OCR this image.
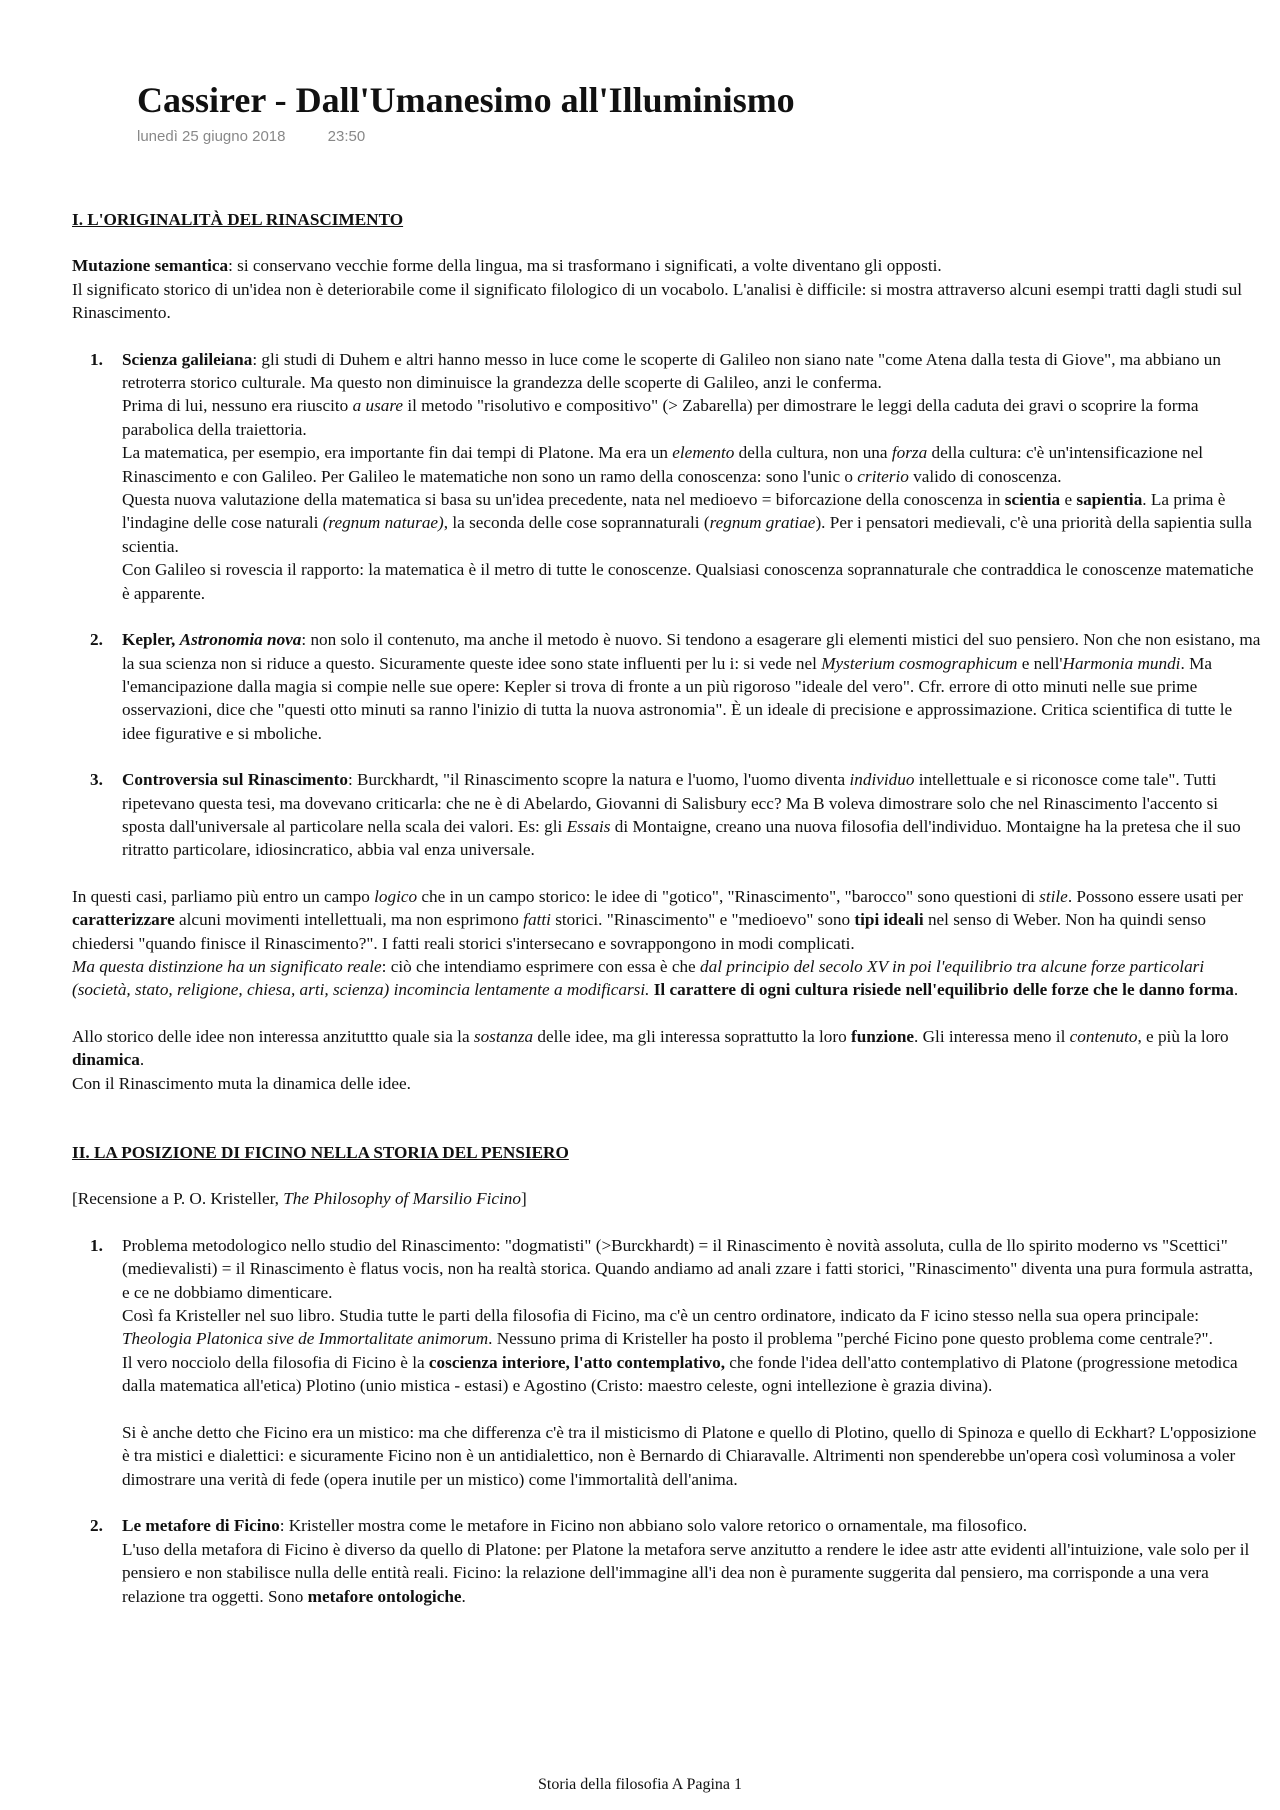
Cassirer - Dall'Umanesimo all'Illuminismo
lunedì 25 giugno 2018	23:50

I. L'ORIGINALITÀ DEL RINASCIMENTO

Mutazione semantica: si conservano vecchie forme della lingua, ma si trasformano i significati, a volte diventano gli opposti.

Il significato storico di un'idea non è deteriorabile come il significato filologico di un vocabolo. L'analisi è difficile: si mostra attraverso alcuni esempi tratti dagli studi sul Rinascimento.

1. Scienza galileiana: gli studi di Duhem e altri hanno messo in luce come le scoperte di Galileo non siano nate "come Atena dalla testa di Giove", ma abbiano un retroterra storico culturale. Ma questo non diminuisce la grandezza delle scoperte di Galileo, anzi le conferma.

Prima di lui, nessuno era riuscito a usare il metodo "risolutivo e compositivo" (> Zabarella) per dimostrare le leggi della caduta dei gravi o scoprire la forma parabolica della traiettoria.

La matematica, per esempio, era importante fin dai tempi di Platone. Ma era un elemento della cultura, non una forza della cultura: c'è un'intensificazione nel Rinascimento e con Galileo. Per Galileo le matematiche non sono un ramo della conoscenza: sono l'unic o criterio valido di conoscenza.

Questa nuova valutazione della matematica si basa su un'idea precedente, nata nel medioevo = biforcazione della conoscenza in scientia e sapientia. La prima è l'indagine delle cose naturali (regnum naturae), la seconda delle cose soprannaturali (regnum gratiae). Per i pensatori medievali, c'è una priorità della sapientia sulla scientia.

Con Galileo si rovescia il rapporto: la matematica è il metro di tutte le conoscenze. Qualsiasi conoscenza soprannaturale che contraddica le conoscenze matematiche è apparente.

2. Kepler, Astronomia nova: non solo il contenuto, ma anche il metodo è nuovo. Si tendono a esagerare gli elementi mistici del suo pensiero. Non che non esistano, ma la sua scienza non si riduce a questo. Sicuramente queste idee sono state influenti per lu i: si vede nel Mysterium cosmographicum e nell'Harmonia mundi. Ma l'emancipazione dalla magia si compie nelle sue opere: Kepler si trova di fronte a un più rigoroso "ideale del vero". Cfr. errore di otto minuti nelle sue prime osservazioni, dice che "questi otto minuti sa ranno l'inizio di tutta la nuova astronomia". È un ideale di precisione e approssimazione. Critica scientifica di tutte le idee figurative e si mboliche.

3. Controversia sul Rinascimento: Burckhardt, "il Rinascimento scopre la natura e l'uomo, l'uomo diventa individuo intellettuale e si riconosce come tale". Tutti ripetevano questa tesi, ma dovevano criticarla: che ne è di Abelardo, Giovanni di Salisbury ecc? Ma B voleva dimostrare solo che nel Rinascimento l'accento si sposta dall'universale al particolare nella scala dei valori. Es: gli Essais di Montaigne, creano una nuova filosofia dell'individuo. Montaigne ha la pretesa che il suo ritratto particolare, idiosincratico, abbia val enza universale.

In questi casi, parliamo più entro un campo logico che in un campo storico: le idee di "gotico", "Rinascimento", "barocco" sono questioni di stile. Possono essere usati per caratterizzare alcuni movimenti intellettuali, ma non esprimono fatti storici. "Rinascimento" e "medioevo" sono tipi ideali nel senso di Weber. Non ha quindi senso chiedersi "quando finisce il Rinascimento?". I fatti reali storici s'intersecano e sovrappongono in modi complicati.

Ma questa distinzione ha un significato reale: ciò che intendiamo esprimere con essa è che dal principio del secolo XV in poi l'equilibrio tra alcune forze particolari (società, stato, religione, chiesa, arti, scienza) incomincia lentamente a modificarsi. Il carattere di ogni cultura risiede nell'equilibrio delle forze che le danno forma.

Allo storico delle idee non interessa anzituttto quale sia la sostanza delle idee, ma gli interessa soprattutto la loro funzione. Gli interessa meno il contenuto, e più la loro dinamica.

Con il Rinascimento muta la dinamica delle idee.

II. LA POSIZIONE DI FICINO NELLA STORIA DEL PENSIERO

[Recensione a P. O. Kristeller, The Philosophy of Marsilio Ficino]

1. Problema metodologico nello studio del Rinascimento: "dogmatisti" (>Burckhardt) = il Rinascimento è novità assoluta, culla de llo spirito moderno vs "Scettici" (medievalisti) = il Rinascimento è flatus vocis, non ha realtà storica. Quando andiamo ad anali zzare i fatti storici, "Rinascimento" diventa una pura formula astratta, e ce ne dobbiamo dimenticare.

Così fa Kristeller nel suo libro. Studia tutte le parti della filosofia di Ficino, ma c'è un centro ordinatore, indicato da F icino stesso nella sua opera principale: Theologia Platonica sive de Immortalitate animorum. Nessuno prima di Kristeller ha posto il problema "perché Ficino pone questo problema come centrale?".

Il vero nocciolo della filosofia di Ficino è la coscienza interiore, l'atto contemplativo, che fonde l'idea dell'atto contemplativo di Platone (progressione metodica dalla matematica all'etica) Plotino (unio mistica - estasi) e Agostino (Cristo: maestro celeste, ogni intellezione è grazia divina).

Si è anche detto che Ficino era un mistico: ma che differenza c'è tra il misticismo di Platone e quello di Plotino, quello di Spinoza e quello di Eckhart? L'opposizione è tra mistici e dialettici: e sicuramente Ficino non è un antidialettico, non è Bernardo di Chiaravalle. Altrimenti non spenderebbe un'opera così voluminosa a voler dimostrare una verità di fede (opera inutile per un mistico) come l'immortalità dell'anima.

2. Le metafore di Ficino: Kristeller mostra come le metafore in Ficino non abbiano solo valore retorico o ornamentale, ma filosofico.

L'uso della metafora di Ficino è diverso da quello di Platone: per Platone la metafora serve anzitutto a rendere le idee astr atte evidenti all'intuizione, vale solo per il pensiero e non stabilisce nulla delle entità reali. Ficino: la relazione dell'immagine all'i dea non è puramente suggerita dal pensiero, ma corrisponde a una vera relazione tra oggetti. Sono metafore ontologiche.

Storia della filosofia A Pagina 1
